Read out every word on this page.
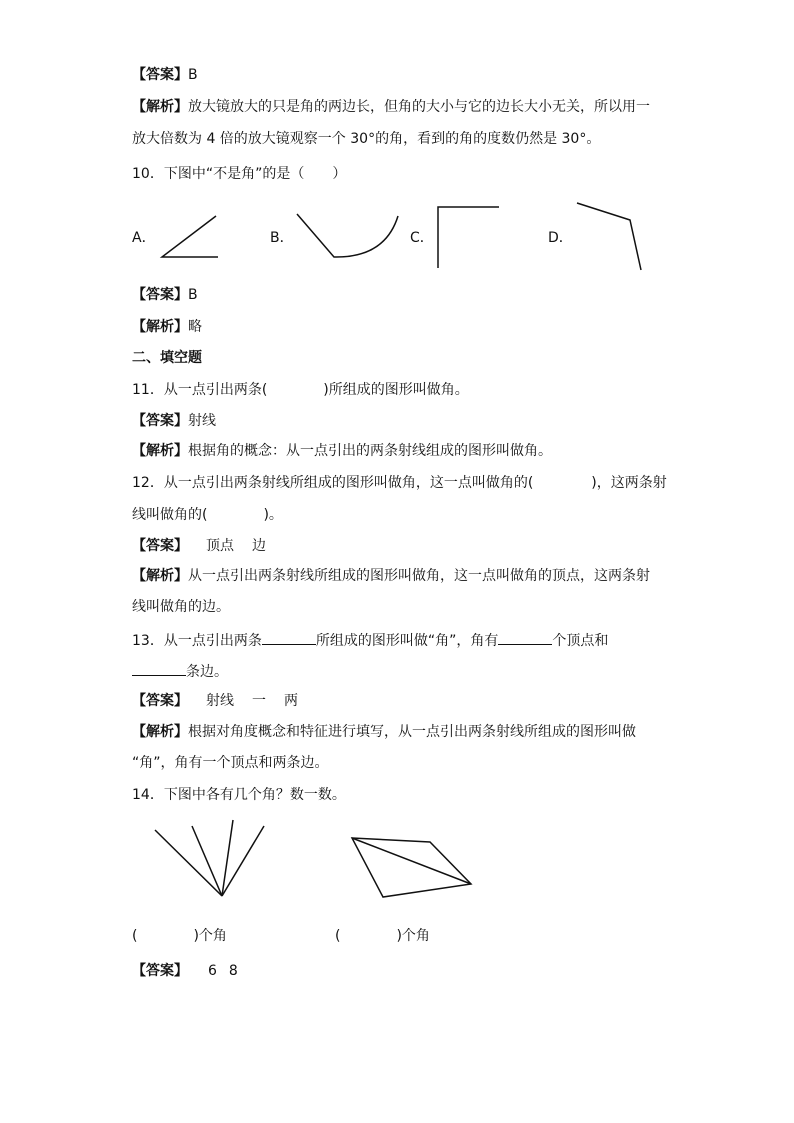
【答案】B
【解析】放大镜放大的只是角的两边长，但角的大小与它的边长大小无关，所以用一
放大倍数为 4 倍的放大镜观察一个 30°的角，看到的角的度数仍然是 30°。
10．下图中“不是角”的是（　　）
A．	B．	C．	D．
【答案】B
【解析】略
二、填空题
11．从一点引出两条(	)所组成的图形叫做角。
【答案】射线
【解析】根据角的概念：从一点引出的两条射线组成的图形叫做角。
12．从一点引出两条射线所组成的图形叫做角，这一点叫做角的(	)，这两条射
线叫做角的(	)。
【答案】 顶点 边
【解析】从一点引出两条射线所组成的图形叫做角，这一点叫做角的顶点，这两条射
线叫做角的边。
13．从一点引出两条	所组成的图形叫做“角”，角有	个顶点和
条边。
【答案】 射线 一 两
【解析】根据对角度概念和特征进行填写，从一点引出两条射线所组成的图形叫做
“角”，角有一个顶点和两条边。
14．下图中各有几个角？数一数。
(	)个角	(	)个角
【答案】 6 8
